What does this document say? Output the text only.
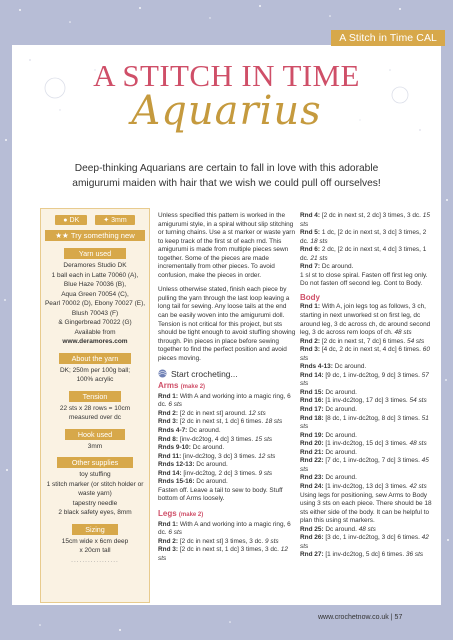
A Stitch in Time CAL
A STITCH IN TIME
Aquarius
Deep-thinking Aquarians are certain to fall in love with this adorable
amigurumi maiden with hair that we wish we could pull off ourselves!
● DK	✦ 3mm
★★ Try something new
Yarn used
Deramores Studio DK
1 ball each in Latte 70060 (A),
Blue Haze 70036 (B),
Aqua Green 70054 (C),
Pearl 70002 (D), Ebony 70027 (E),
Blush 70043 (F)
& Gingerbread 70022 (G)
Available from
www.deramores.com
About the yarn
DK; 250m per 100g ball;
100% acrylic
Tension
22 sts x 28 rows = 10cm
measured over dc
Hook used
3mm
Other supplies
toy stuffing
1 stitch marker (or stitch holder or
waste yarn)
tapestry needle
2 black safety eyes, 8mm
Sizing
15cm wide x 6cm deep
x 20cm tall
.................

Unless specified this pattern is worked in the amigurumi style, in a spiral without slip stitching or turning chains. Use a st marker or waste yarn to keep track of the first st of each rnd. This amigurumi is made from multiple pieces sewn together. Some of the pieces are made incrementally from other pieces. To avoid confusion, make the pieces in order.

Unless otherwise stated, finish each piece by pulling the yarn through the last loop leaving a long tail for sewing. Any loose tails at the end can be easily woven into the amigurumi doll. Tension is not critical for this project, but sts should be tight enough to avoid stuffing showing through. Pin pieces in place before sewing together to find the perfect position and avoid pieces moving.

Start crocheting...
Arms (make 2)

Rnd 1: With A and working into a magic ring, 6 dc. 6 sts

Rnd 2: [2 dc in next st] around. 12 sts

Rnd 3: [2 dc in next st, 1 dc] 6 times. 18 sts

Rnds 4-7: Dc around.

Rnd 8: [inv-dc2tog, 4 dc] 3 times. 15 sts

Rnds 9-10: Dc around.

Rnd 11: [inv-dc2tog, 3 dc] 3 times. 12 sts

Rnds 12-13: Dc around.

Rnd 14: [inv-dc2tog, 2 dc] 3 times. 9 sts

Rnds 15-16: Dc around.

Fasten off. Leave a tail to sew to body. Stuff bottom of Arms loosely.

Legs (make 2)

Rnd 1: With A and working into a magic ring, 6 dc. 6 sts

Rnd 2: [2 dc in next st] 3 times, 3 dc. 9 sts

Rnd 3: [2 dc in next st, 1 dc] 3 times, 3 dc. 12 sts

Rnd 4: [2 dc in next st, 2 dc] 3 times, 3 dc. 15 sts

Rnd 5: 1 dc, [2 dc in next st, 3 dc] 3 times, 2 dc. 18 sts

Rnd 6: 2 dc, [2 dc in next st, 4 dc] 3 times, 1 dc. 21 sts

Rnd 7: Dc around.

1 sl st to close spiral. Fasten off first leg only. Do not fasten off second leg. Cont to Body.

Body

Rnd 1: With A, join legs tog as follows, 3 ch, starting in next unworked st on first leg, dc around leg, 3 dc across ch, dc around second leg, 3 dc across rem loops of ch. 48 sts

Rnd 2: [2 dc in next st, 7 dc] 6 times. 54 sts

Rnd 3: [4 dc, 2 dc in next st, 4 dc] 6 times. 60 sts

Rnds 4-13: Dc around.

Rnd 14: [9 dc, 1 inv-dc2tog, 9 dc] 3 times. 57 sts

Rnd 15: Dc around.

Rnd 16: [1 inv-dc2tog, 17 dc] 3 times. 54 sts

Rnd 17: Dc around.

Rnd 18: [8 dc, 1 inv-dc2tog, 8 dc] 3 times. 51 sts

Rnd 19: Dc around.

Rnd 20: [1 inv-dc2tog, 15 dc] 3 times. 48 sts

Rnd 21: Dc around.

Rnd 22: [7 dc, 1 inv-dc2tog, 7 dc] 3 times. 45 sts

Rnd 23: Dc around.

Rnd 24: [1 inv-dc2tog, 13 dc] 3 times. 42 sts

Using legs for positioning, sew Arms to Body using 3 sts on each piece. There should be 18 sts either side of the body. It can be helpful to plan this using st markers.

Rnd 25: Dc around. 48 sts

Rnd 26: [3 dc, 1 inv-dc2tog, 3 dc] 6 times. 42 sts

Rnd 27: [1 inv-dc2tog, 5 dc] 6 times. 36 sts

www.crochetnow.co.uk | 57
